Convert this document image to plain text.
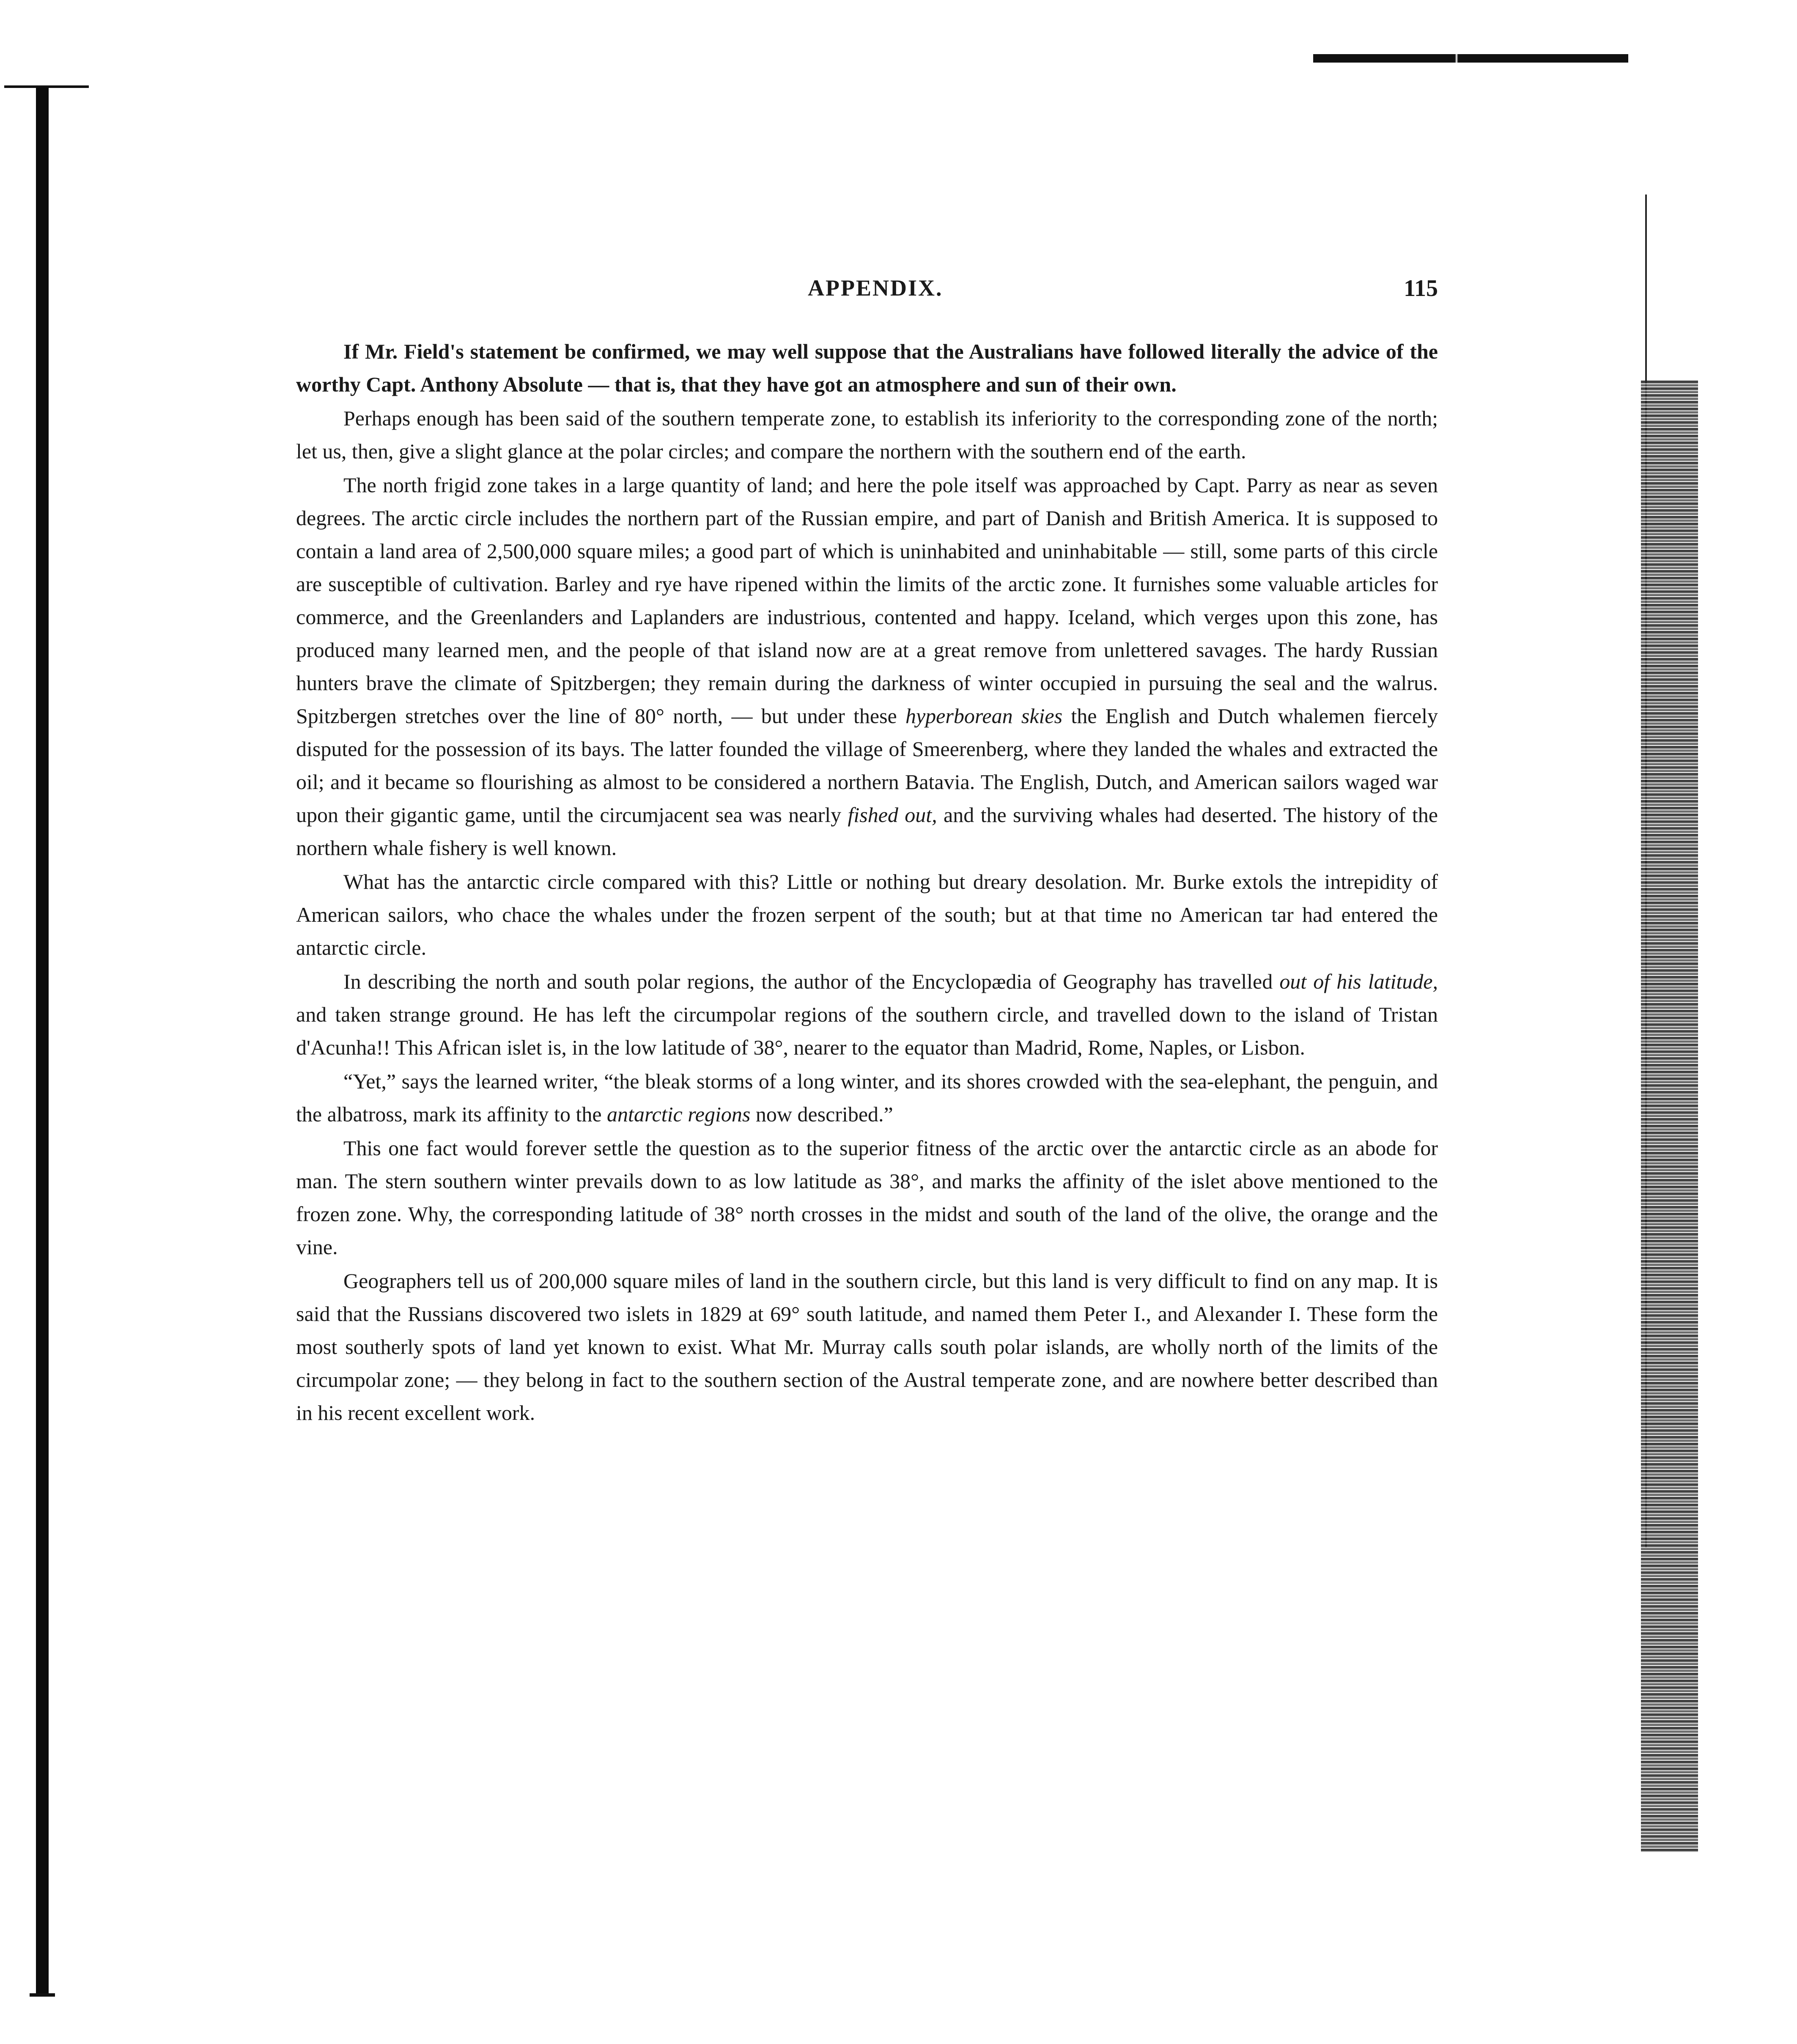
APPENDIX.	115

If Mr. Field's statement be confirmed, we may well suppose that the Australians have followed literally the advice of the worthy Capt. Anthony Absolute — that is, that they have got an atmosphere and sun of their own.

Perhaps enough has been said of the southern temperate zone, to establish its inferiority to the corresponding zone of the north; let us, then, give a slight glance at the polar circles; and compare the northern with the southern end of the earth.

The north frigid zone takes in a large quantity of land; and here the pole itself was approached by Capt. Parry as near as seven degrees. The arctic circle includes the northern part of the Russian empire, and part of Danish and British America. It is supposed to contain a land area of 2,500,000 square miles; a good part of which is uninhabited and uninhabitable — still, some parts of this circle are susceptible of cultivation. Barley and rye have ripened within the limits of the arctic zone. It furnishes some valuable articles for commerce, and the Greenlanders and Laplanders are industrious, contented and happy. Iceland, which verges upon this zone, has produced many learned men, and the people of that island now are at a great remove from unlettered savages. The hardy Russian hunters brave the climate of Spitzbergen; they remain during the darkness of winter occupied in pursuing the seal and the walrus. Spitzbergen stretches over the line of 80° north, — but under these hyperborean skies the English and Dutch whalemen fiercely disputed for the possession of its bays. The latter founded the village of Smeerenberg, where they landed the whales and extracted the oil; and it became so flourishing as almost to be considered a northern Batavia. The English, Dutch, and American sailors waged war upon their gigantic game, until the circumjacent sea was nearly fished out, and the surviving whales had deserted. The history of the northern whale fishery is well known.

What has the antarctic circle compared with this? Little or nothing but dreary desolation. Mr. Burke extols the intrepidity of American sailors, who chace the whales under the frozen serpent of the south; but at that time no American tar had entered the antarctic circle.

In describing the north and south polar regions, the author of the Encyclopædia of Geography has travelled out of his latitude, and taken strange ground. He has left the circumpolar regions of the southern circle, and travelled down to the island of Tristan d'Acunha!! This African islet is, in the low latitude of 38°, nearer to the equator than Madrid, Rome, Naples, or Lisbon.

“Yet,” says the learned writer, “the bleak storms of a long winter, and its shores crowded with the sea-elephant, the penguin, and the albatross, mark its affinity to the antarctic regions now described.”

This one fact would forever settle the question as to the superior fitness of the arctic over the antarctic circle as an abode for man. The stern southern winter prevails down to as low latitude as 38°, and marks the affinity of the islet above mentioned to the frozen zone. Why, the corresponding latitude of 38° north crosses in the midst and south of the land of the olive, the orange and the vine.

Geographers tell us of 200,000 square miles of land in the southern circle, but this land is very difficult to find on any map. It is said that the Russians discovered two islets in 1829 at 69° south latitude, and named them Peter I., and Alexander I. These form the most southerly spots of land yet known to exist. What Mr. Murray calls south polar islands, are wholly north of the limits of the circumpolar zone; — they belong in fact to the southern section of the Austral temperate zone, and are nowhere better described than in his recent excellent work.
